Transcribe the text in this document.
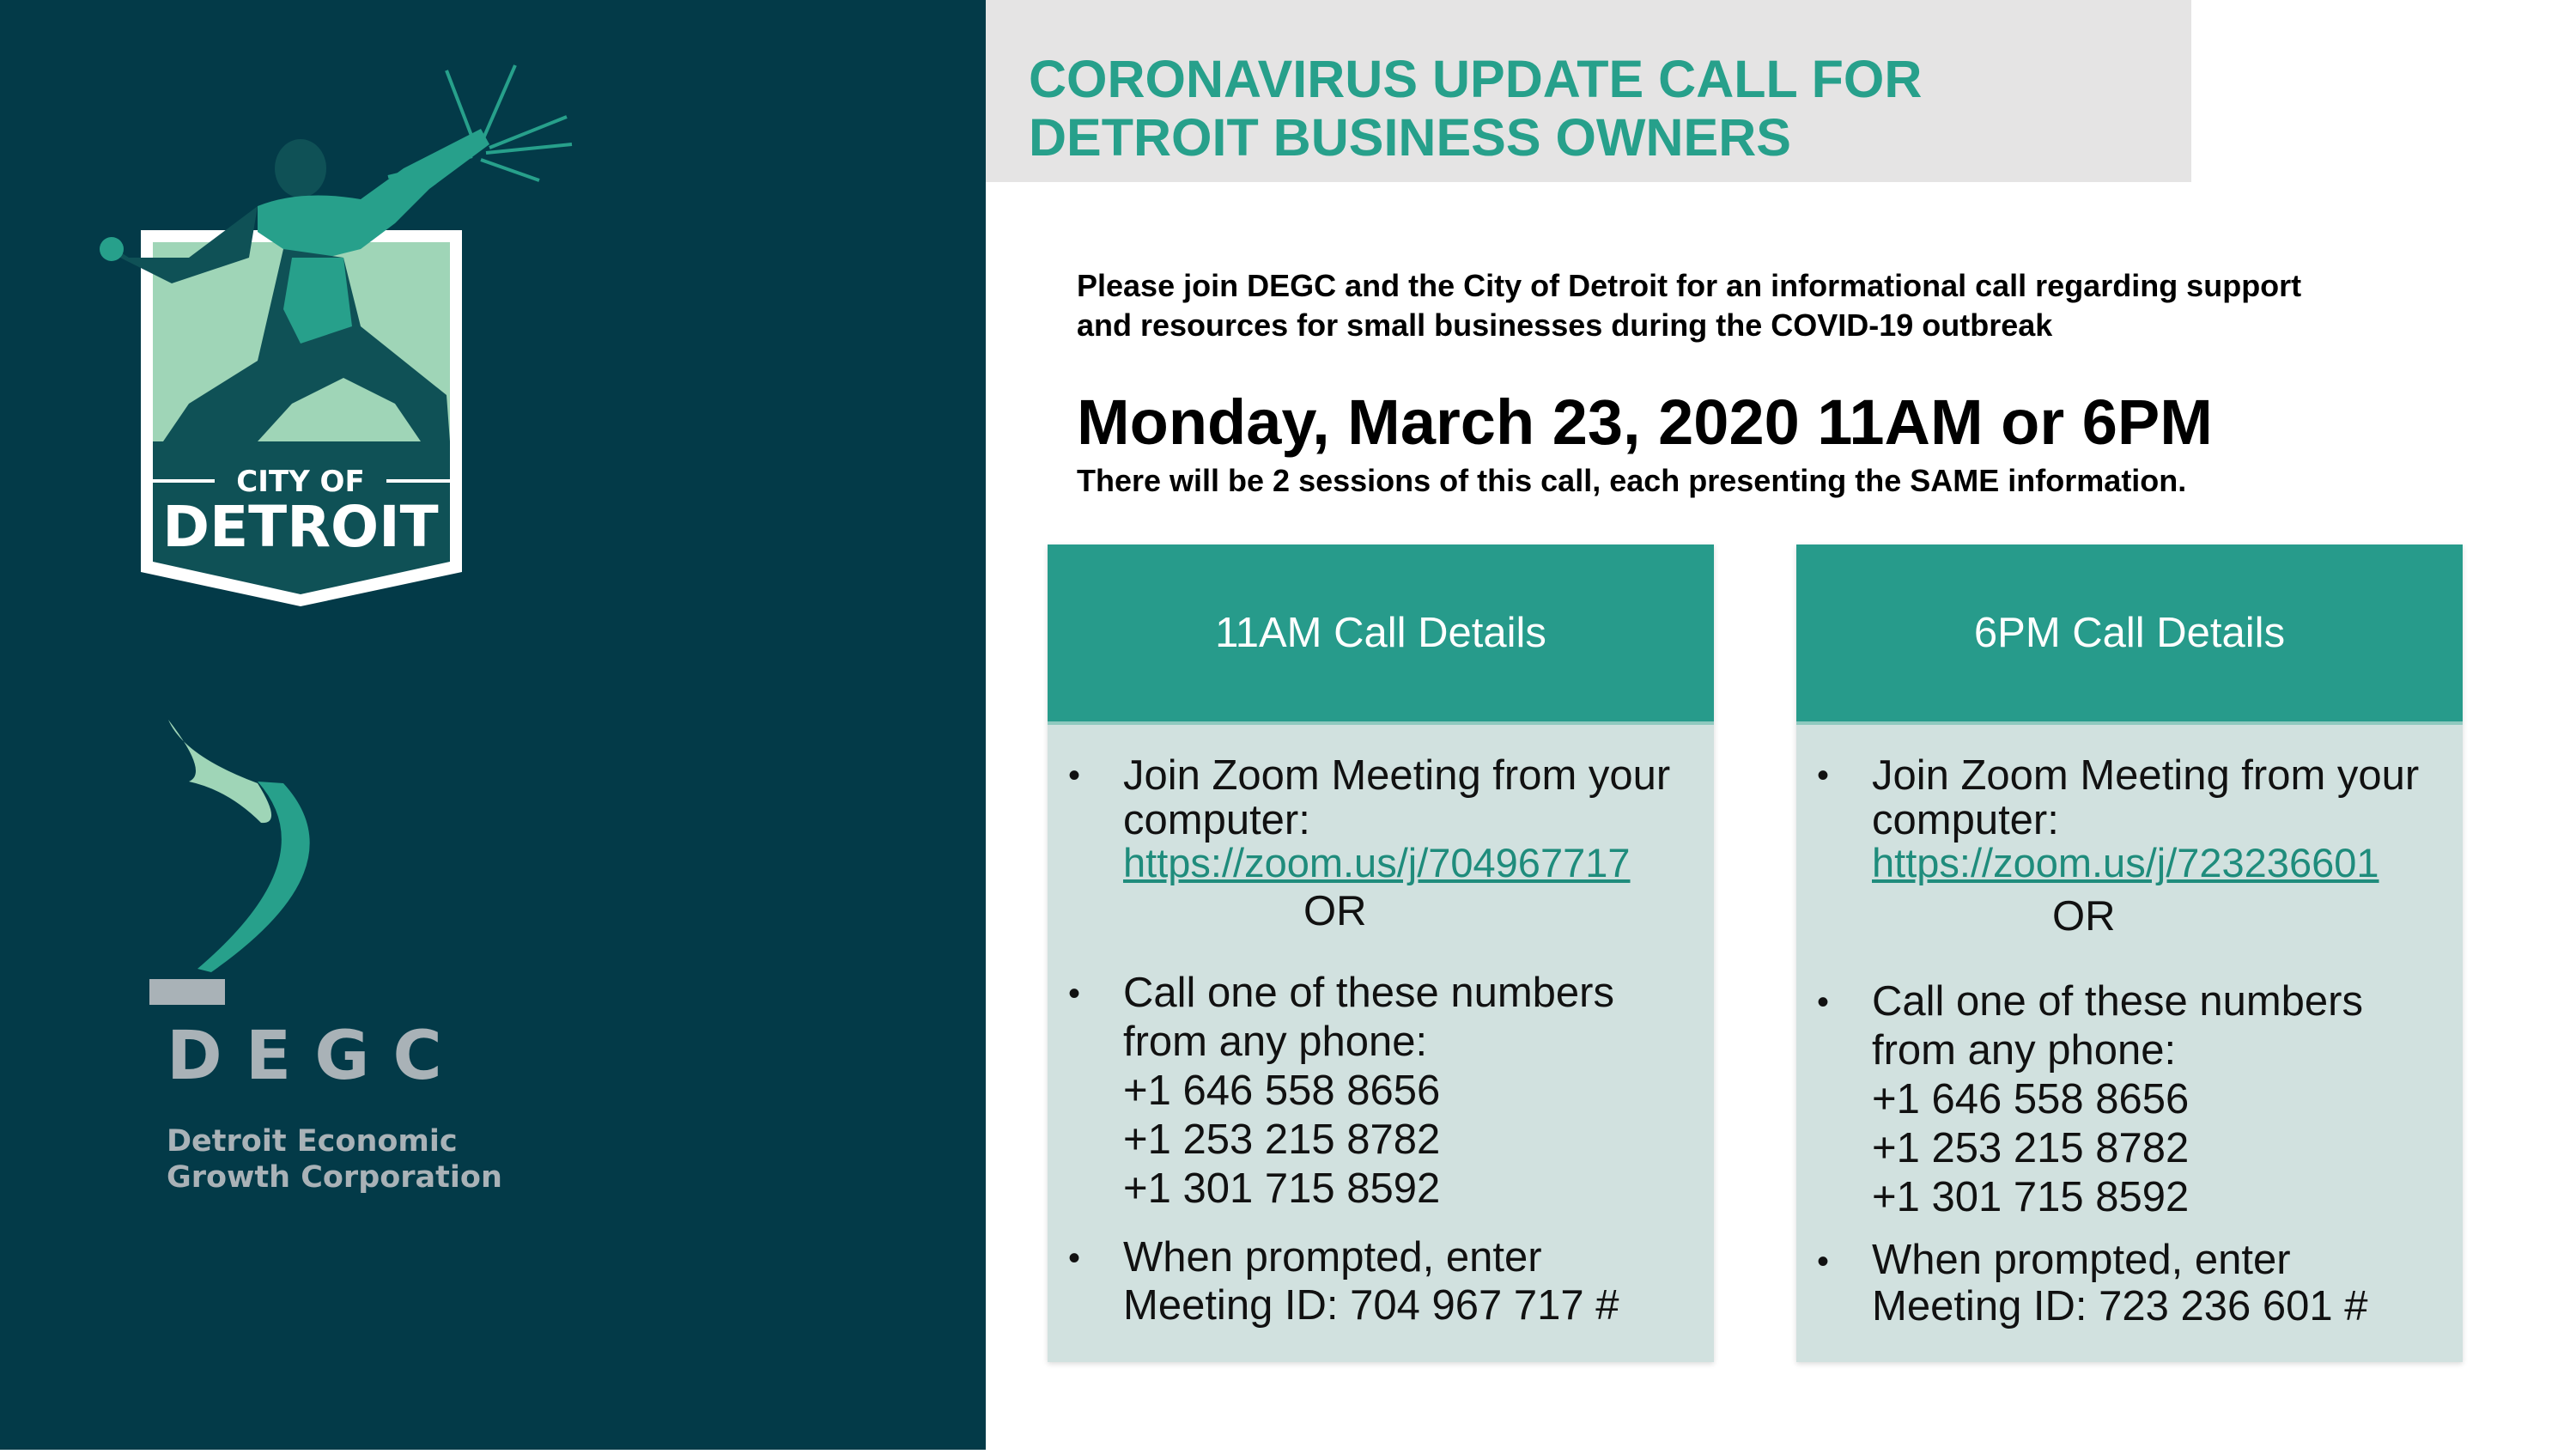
CITY OF
DETROIT
D E G C
Detroit Economic
Growth Corporation
CORONAVIRUS UPDATE CALL FOR
DETROIT BUSINESS OWNERS
Please join DEGC and the City of Detroit for an informational call regarding support
and resources for small businesses during the COVID-19 outbreak
Monday, March 23, 2020 11AM or 6PM
There will be 2 sessions of this call, each presenting the SAME information.
11AM Call Details
• Join Zoom Meeting from your
computer:
https://zoom.us/j/704967717
OR
• Call one of these numbers
from any phone:
+1 646 558 8656
+1 253 215 8782
+1 301 715 8592
• When prompted, enter
Meeting ID: 704 967 717 #
6PM Call Details
• Join Zoom Meeting from your
computer:
https://zoom.us/j/723236601
OR
• Call one of these numbers
from any phone:
+1 646 558 8656
+1 253 215 8782
+1 301 715 8592
• When prompted, enter
Meeting ID: 723 236 601 #
